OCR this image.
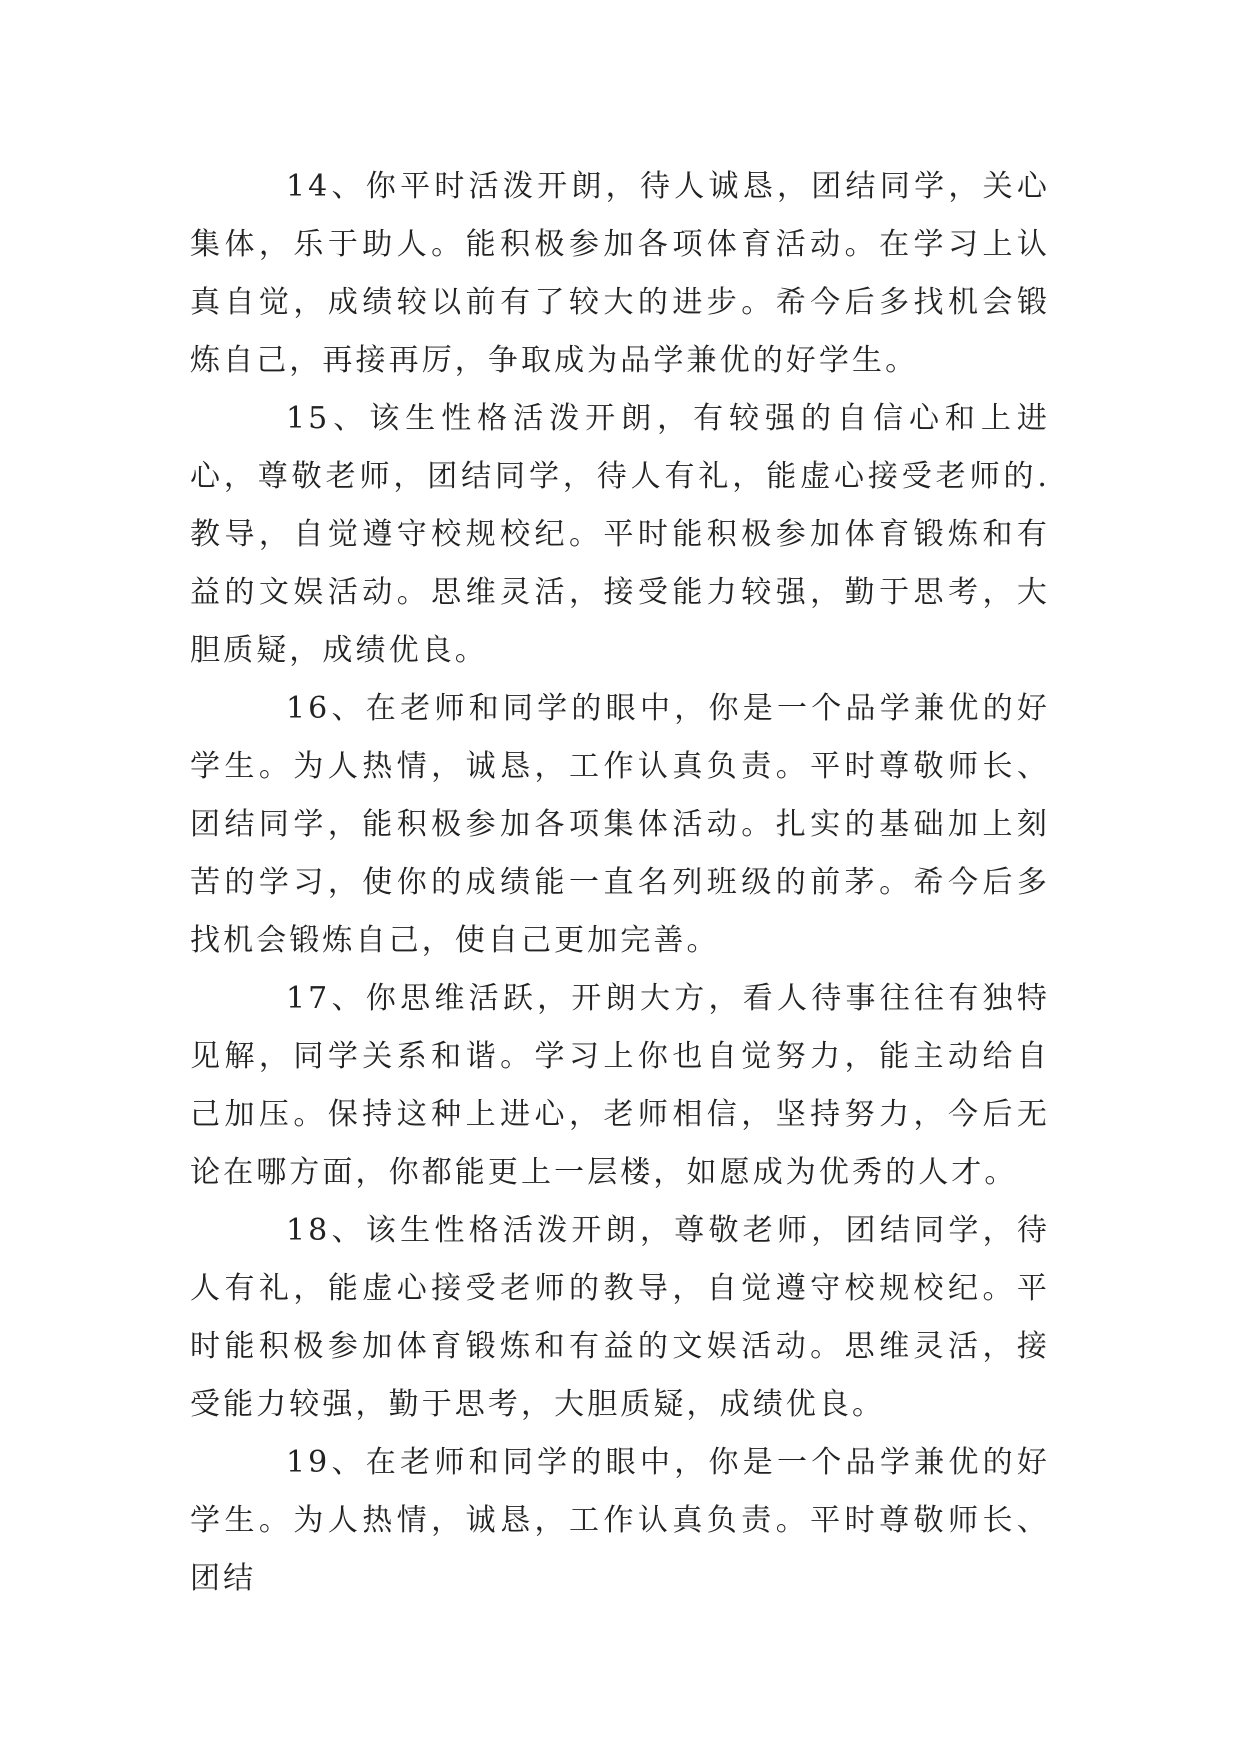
14、你平时活泼开朗，待人诚恳，团结同学，关心集体，乐于助人。能积极参加各项体育活动。在学习上认真自觉，成绩较以前有了较大的进步。希今后多找机会锻炼自己，再接再厉，争取成为品学兼优的好学生。

15、该生性格活泼开朗，有较强的自信心和上进心，尊敬老师，团结同学，待人有礼，能虚心接受老师的.教导，自觉遵守校规校纪。平时能积极参加体育锻炼和有益的文娱活动。思维灵活，接受能力较强，勤于思考，大胆质疑，成绩优良。

16、在老师和同学的眼中，你是一个品学兼优的好学生。为人热情，诚恳，工作认真负责。平时尊敬师长、团结同学，能积极参加各项集体活动。扎实的基础加上刻苦的学习，使你的成绩能一直名列班级的前茅。希今后多找机会锻炼自己，使自己更加完善。

17、你思维活跃，开朗大方，看人待事往往有独特见解，同学关系和谐。学习上你也自觉努力，能主动给自己加压。保持这种上进心，老师相信，坚持努力，今后无论在哪方面，你都能更上一层楼，如愿成为优秀的人才。

18、该生性格活泼开朗，尊敬老师，团结同学，待人有礼，能虚心接受老师的教导，自觉遵守校规校纪。平时能积极参加体育锻炼和有益的文娱活动。思维灵活，接受能力较强，勤于思考，大胆质疑，成绩优良。

19、在老师和同学的眼中，你是一个品学兼优的好学生。为人热情，诚恳，工作认真负责。平时尊敬师长、团结
